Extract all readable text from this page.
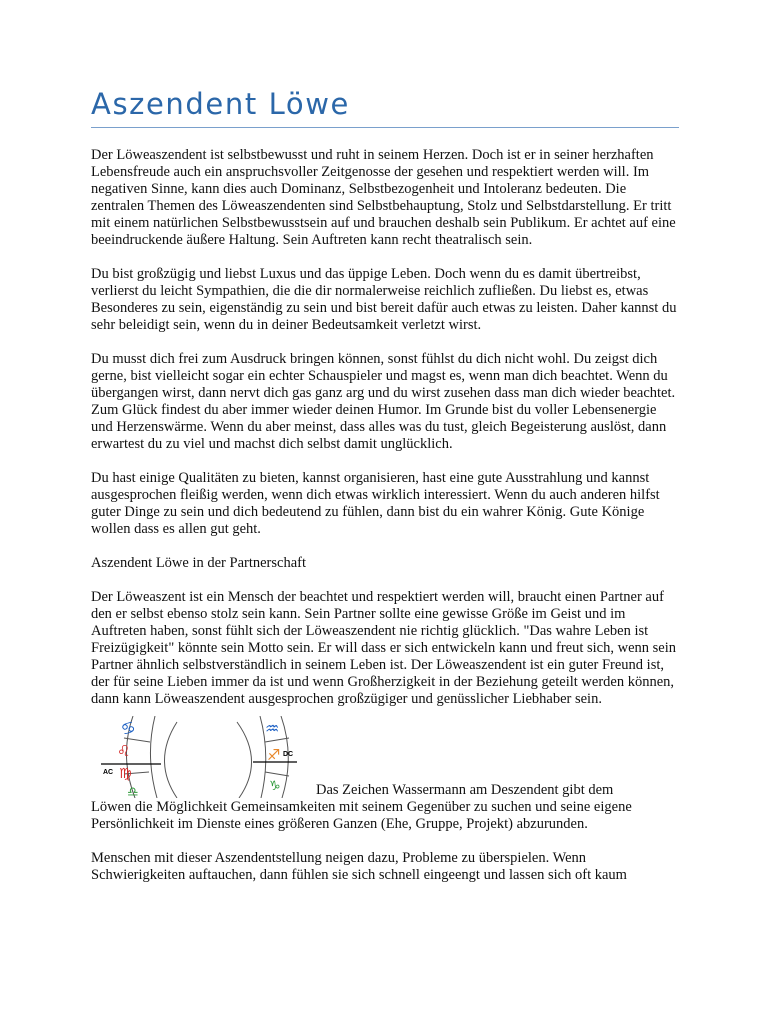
Aszendent Löwe

Der Löweaszendent ist selbstbewusst und ruht in seinem Herzen. Doch ist er in seiner herzhaften Lebensfreude auch ein anspruchsvoller Zeitgenosse der gesehen und respektiert werden will. Im negativen Sinne, kann dies auch Dominanz, Selbstbezogenheit und Intoleranz bedeuten. Die zentralen Themen des Löweaszendenten sind Selbstbehauptung, Stolz und Selbstdarstellung. Er tritt mit einem natürlichen Selbstbewusstsein auf und brauchen deshalb sein Publikum. Er achtet auf eine beeindruckende äußere Haltung. Sein Auftreten kann recht theatralisch sein.

Du bist großzügig und liebst Luxus und das üppige Leben. Doch wenn du es damit übertreibst, verlierst du leicht Sympathien, die die dir normalerweise reichlich zufließen. Du liebst es, etwas Besonderes zu sein, eigenständig zu sein und bist bereit dafür auch etwas zu leisten. Daher kannst du sehr beleidigt sein, wenn du in deiner Bedeutsamkeit verletzt wirst.

Du musst dich frei zum Ausdruck bringen können, sonst fühlst du dich nicht wohl. Du zeigst dich gerne, bist vielleicht sogar ein echter Schauspieler und magst es, wenn man dich beachtet. Wenn du übergangen wirst, dann nervt dich gas ganz arg und du wirst zusehen dass man dich wieder beachtet. Zum Glück findest du aber immer wieder deinen Humor. Im Grunde bist du voller Lebensenergie und Herzenswärme. Wenn du aber meinst, dass alles was du tust, gleich Begeisterung auslöst, dann erwartest du zu viel und machst dich selbst damit unglücklich.

Du hast einige Qualitäten zu bieten, kannst organisieren, hast eine gute Ausstrahlung und kannst ausgesprochen fleißig werden, wenn dich etwas wirklich interessiert. Wenn du auch anderen hilfst guter Dinge zu sein und dich bedeutend zu fühlen, dann bist du ein wahrer König. Gute Könige wollen dass es allen gut geht.

Aszendent Löwe in der Partnerschaft

Der Löweaszent ist ein Mensch der beachtet und respektiert werden will, braucht einen Partner auf den er selbst ebenso stolz sein kann. Sein Partner sollte eine gewisse Größe im Geist und im Auftreten haben, sonst fühlt sich der Löweaszendent nie richtig glücklich. "Das wahre Leben ist Freizügigkeit" könnte sein Motto sein. Er will dass er sich entwickeln kann und freut sich, wenn sein Partner ähnlich selbstverständlich in seinem Leben ist. Der Löweaszendent ist ein guter Freund ist, der für seine Lieben immer da ist und wenn Großherzigkeit in der Beziehung geteilt werden können, dann kann Löweaszendent ausgesprochen großzügiger und genüsslicher Liebhaber sein.

♋
♌
♍
♎
♒
♐
♑
AC
DC
Das Zeichen Wassermann am Deszendent gibt dem
Löwen die Möglichkeit Gemeinsamkeiten mit seinem Gegenüber zu suchen und seine eigene Persönlichkeit im Dienste eines größeren Ganzen (Ehe, Gruppe, Projekt) abzurunden.

Menschen mit dieser Aszendentstellung neigen dazu, Probleme zu überspielen. Wenn Schwierigkeiten auftauchen, dann fühlen sie sich schnell eingeengt und lassen sich oft kaum
